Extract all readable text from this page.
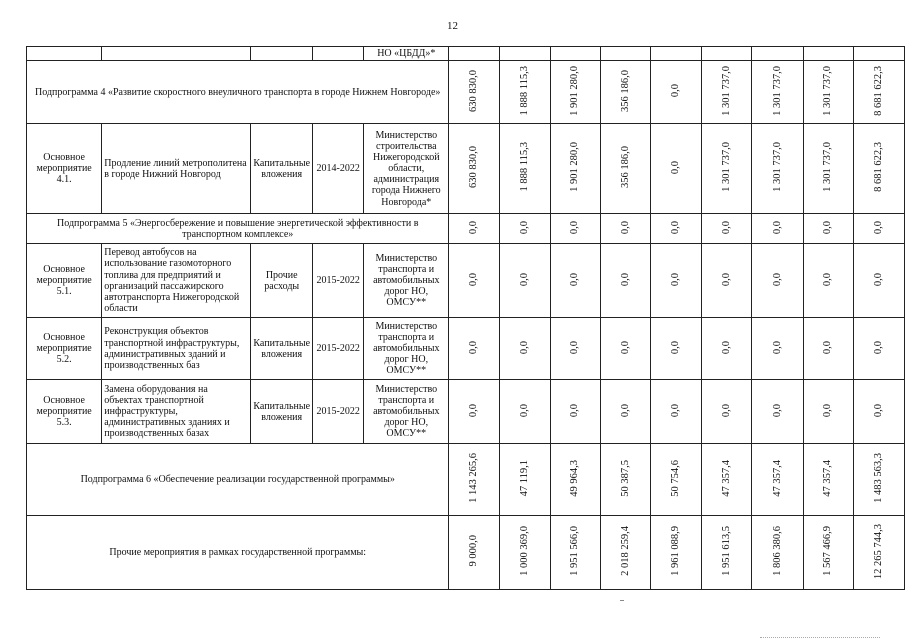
12
				НО «ЦБДД»*									
Подпрограмма 4 «Развитие скоростного внеуличного транспорта в городе Нижнем Новгороде»					630 830,0	1 888 115,3	1 901 280,0	356 186,0	0,0	1 301 737,0	1 301 737,0	1 301 737,0	8 681 622,3
Основное мероприятие 4.1.	Продление линий метрополитена в городе Нижний Новгород	Капитальные вложения	2014-2022	Министерство строительства Нижегородской области, администрация города Нижнего Новгорода*	630 830,0	1 888 115,3	1 901 280,0	356 186,0	0,0	1 301 737,0	1 301 737,0	1 301 737,0	8 681 622,3
Подпрограмма 5 «Энергосбережение и повышение энергетической эффективности в транспортном комплексе»					0,0	0,0	0,0	0,0	0,0	0,0	0,0	0,0	0,0
Основное мероприятие 5.1.	Перевод автобусов на использование газомоторного топлива для предприятий и организаций пассажирского автотранспорта Нижегородской области	Прочие расходы	2015-2022	Министерство транспорта и автомобильных дорог НО, ОМСУ**	0,0	0,0	0,0	0,0	0,0	0,0	0,0	0,0	0,0
Основное мероприятие 5.2.	Реконструкция объектов транспортной инфраструктуры, административных зданий и производственных баз	Капитальные вложения	2015-2022	Министерство транспорта и автомобильных дорог НО, ОМСУ**	0,0	0,0	0,0	0,0	0,0	0,0	0,0	0,0	0,0
Основное мероприятие 5.3.	Замена оборудования на объектах транспортной инфраструктуры, административных зданиях и производственных базах	Капитальные вложения	2015-2022	Министерство транспорта и автомобильных дорог НО, ОМСУ**	0,0	0,0	0,0	0,0	0,0	0,0	0,0	0,0	0,0
Подпрограмма 6 «Обеспечение реализации государственной программы»					1 143 265,6	47 119,1	49 964,3	50 387,5	50 754,6	47 357,4	47 357,4	47 357,4	1 483 563,3
Прочие мероприятия в рамках государственной программы:					9 000,0	1 000 369,0	1 951 566,0	2 018 259,4	1 961 088,9	1 951 613,5	1 806 380,6	1 567 466,9	12 265 744,3
